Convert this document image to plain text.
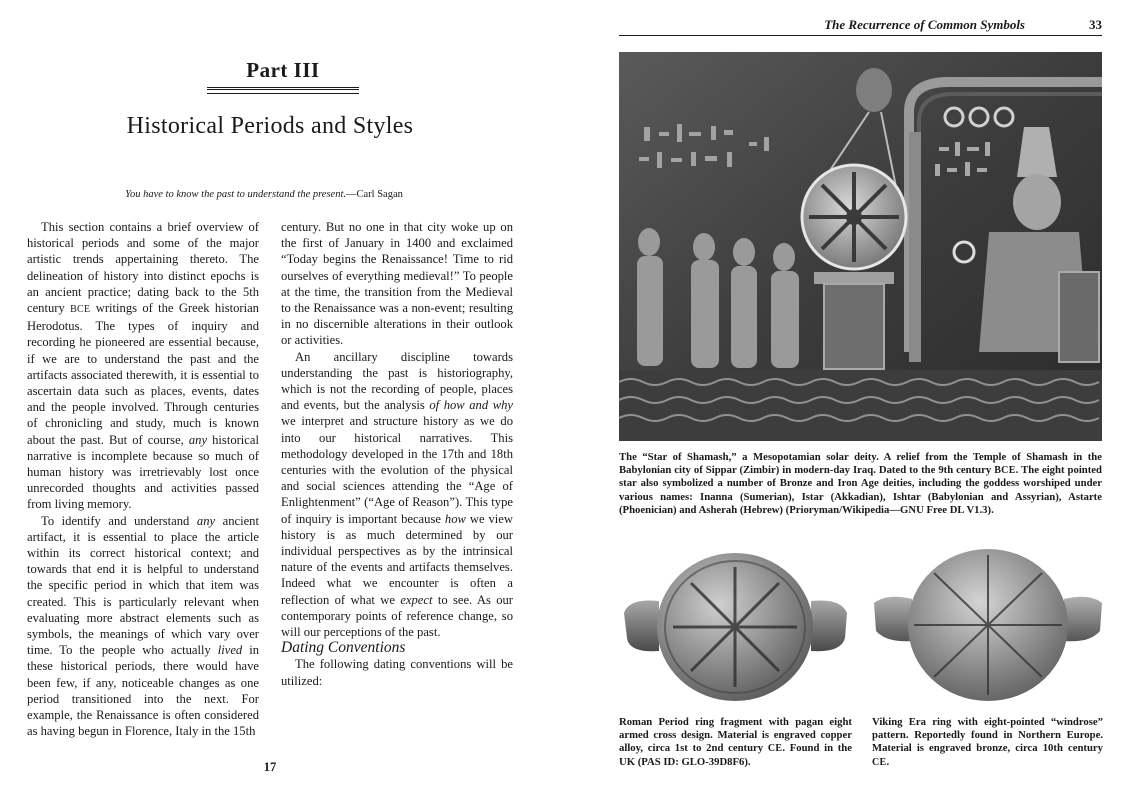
Part III
Historical Periods and Styles
You have to know the past to understand the present.—Carl Sagan

This section contains a brief overview of historical periods and some of the major artistic trends appertaining thereto. The delineation of history into distinct epochs is an ancient practice; dating back to the 5th century BCE writings of the Greek historian Herodotus. The types of inquiry and recording he pioneered are essential because, if we are to understand the past and the artifacts associated therewith, it is essential to ascertain data such as places, events, dates and the people involved. Through centuries of chronicling and study, much is known about the past. But of course, any historical narrative is incomplete because so much of human history was irretrievably lost once unrecorded thoughts and activities passed from living memory.

To identify and understand any ancient artifact, it is essential to place the article within its correct historical context; and towards that end it is helpful to understand the specific period in which that item was created. This is particularly relevant when evaluating more abstract elements such as symbols, the meanings of which vary over time. To the people who actually lived in these historical periods, there would have been few, if any, noticeable changes as one period transitioned into the next. For example, the Renaissance is often considered as having begun in Florence, Italy in the 15th

century. But no one in that city woke up on the first of January in 1400 and exclaimed “Today begins the Renaissance! Time to rid ourselves of everything medieval!” To people at the time, the transition from the Medieval to the Renaissance was a non-event; resulting in no discernible alterations in their outlook or activities.

An ancillary discipline towards understanding the past is historiography, which is not the recording of people, places and events, but the analysis of how and why we interpret and structure history as we do into our historical narratives. This methodology developed in the 17th and 18th centuries with the evolution of the physical and social sciences attending the “Age of Enlightenment” (“Age of Reason”). This type of inquiry is important because how we view history is as much determined by our individual perspectives as by the intrinsical nature of the events and artifacts themselves. Indeed what we encounter is often a reflection of what we expect to see. As our contemporary points of reference change, so will our perceptions of the past.

Dating Conventions

The following dating conventions will be utilized:

17
The Recurrence of Common Symbols	33
The “Star of Shamash,” a Mesopotamian solar deity. A relief from the Temple of Shamash in the Babylonian city of Sippar (Zimbir) in modern-day Iraq. Dated to the 9th century BCE. The eight pointed star also symbolized a number of Bronze and Iron Age deities, including the goddess worshiped under various names: Inanna (Sumerian), Istar (Akkadian), Ishtar (Babylonian and Assyrian), Astarte (Phoenician) and Asherah (Hebrew) (Prioryman/Wikipedia—GNU Free DL V1.3).
Roman Period ring fragment with pagan eight armed cross design. Material is engraved copper alloy, circa 1st to 2nd century CE. Found in the UK (PAS ID: GLO-39D8F6).
Viking Era ring with eight-pointed “windrose” pattern. Reportedly found in Northern Europe. Material is engraved bronze, circa 10th century CE.
